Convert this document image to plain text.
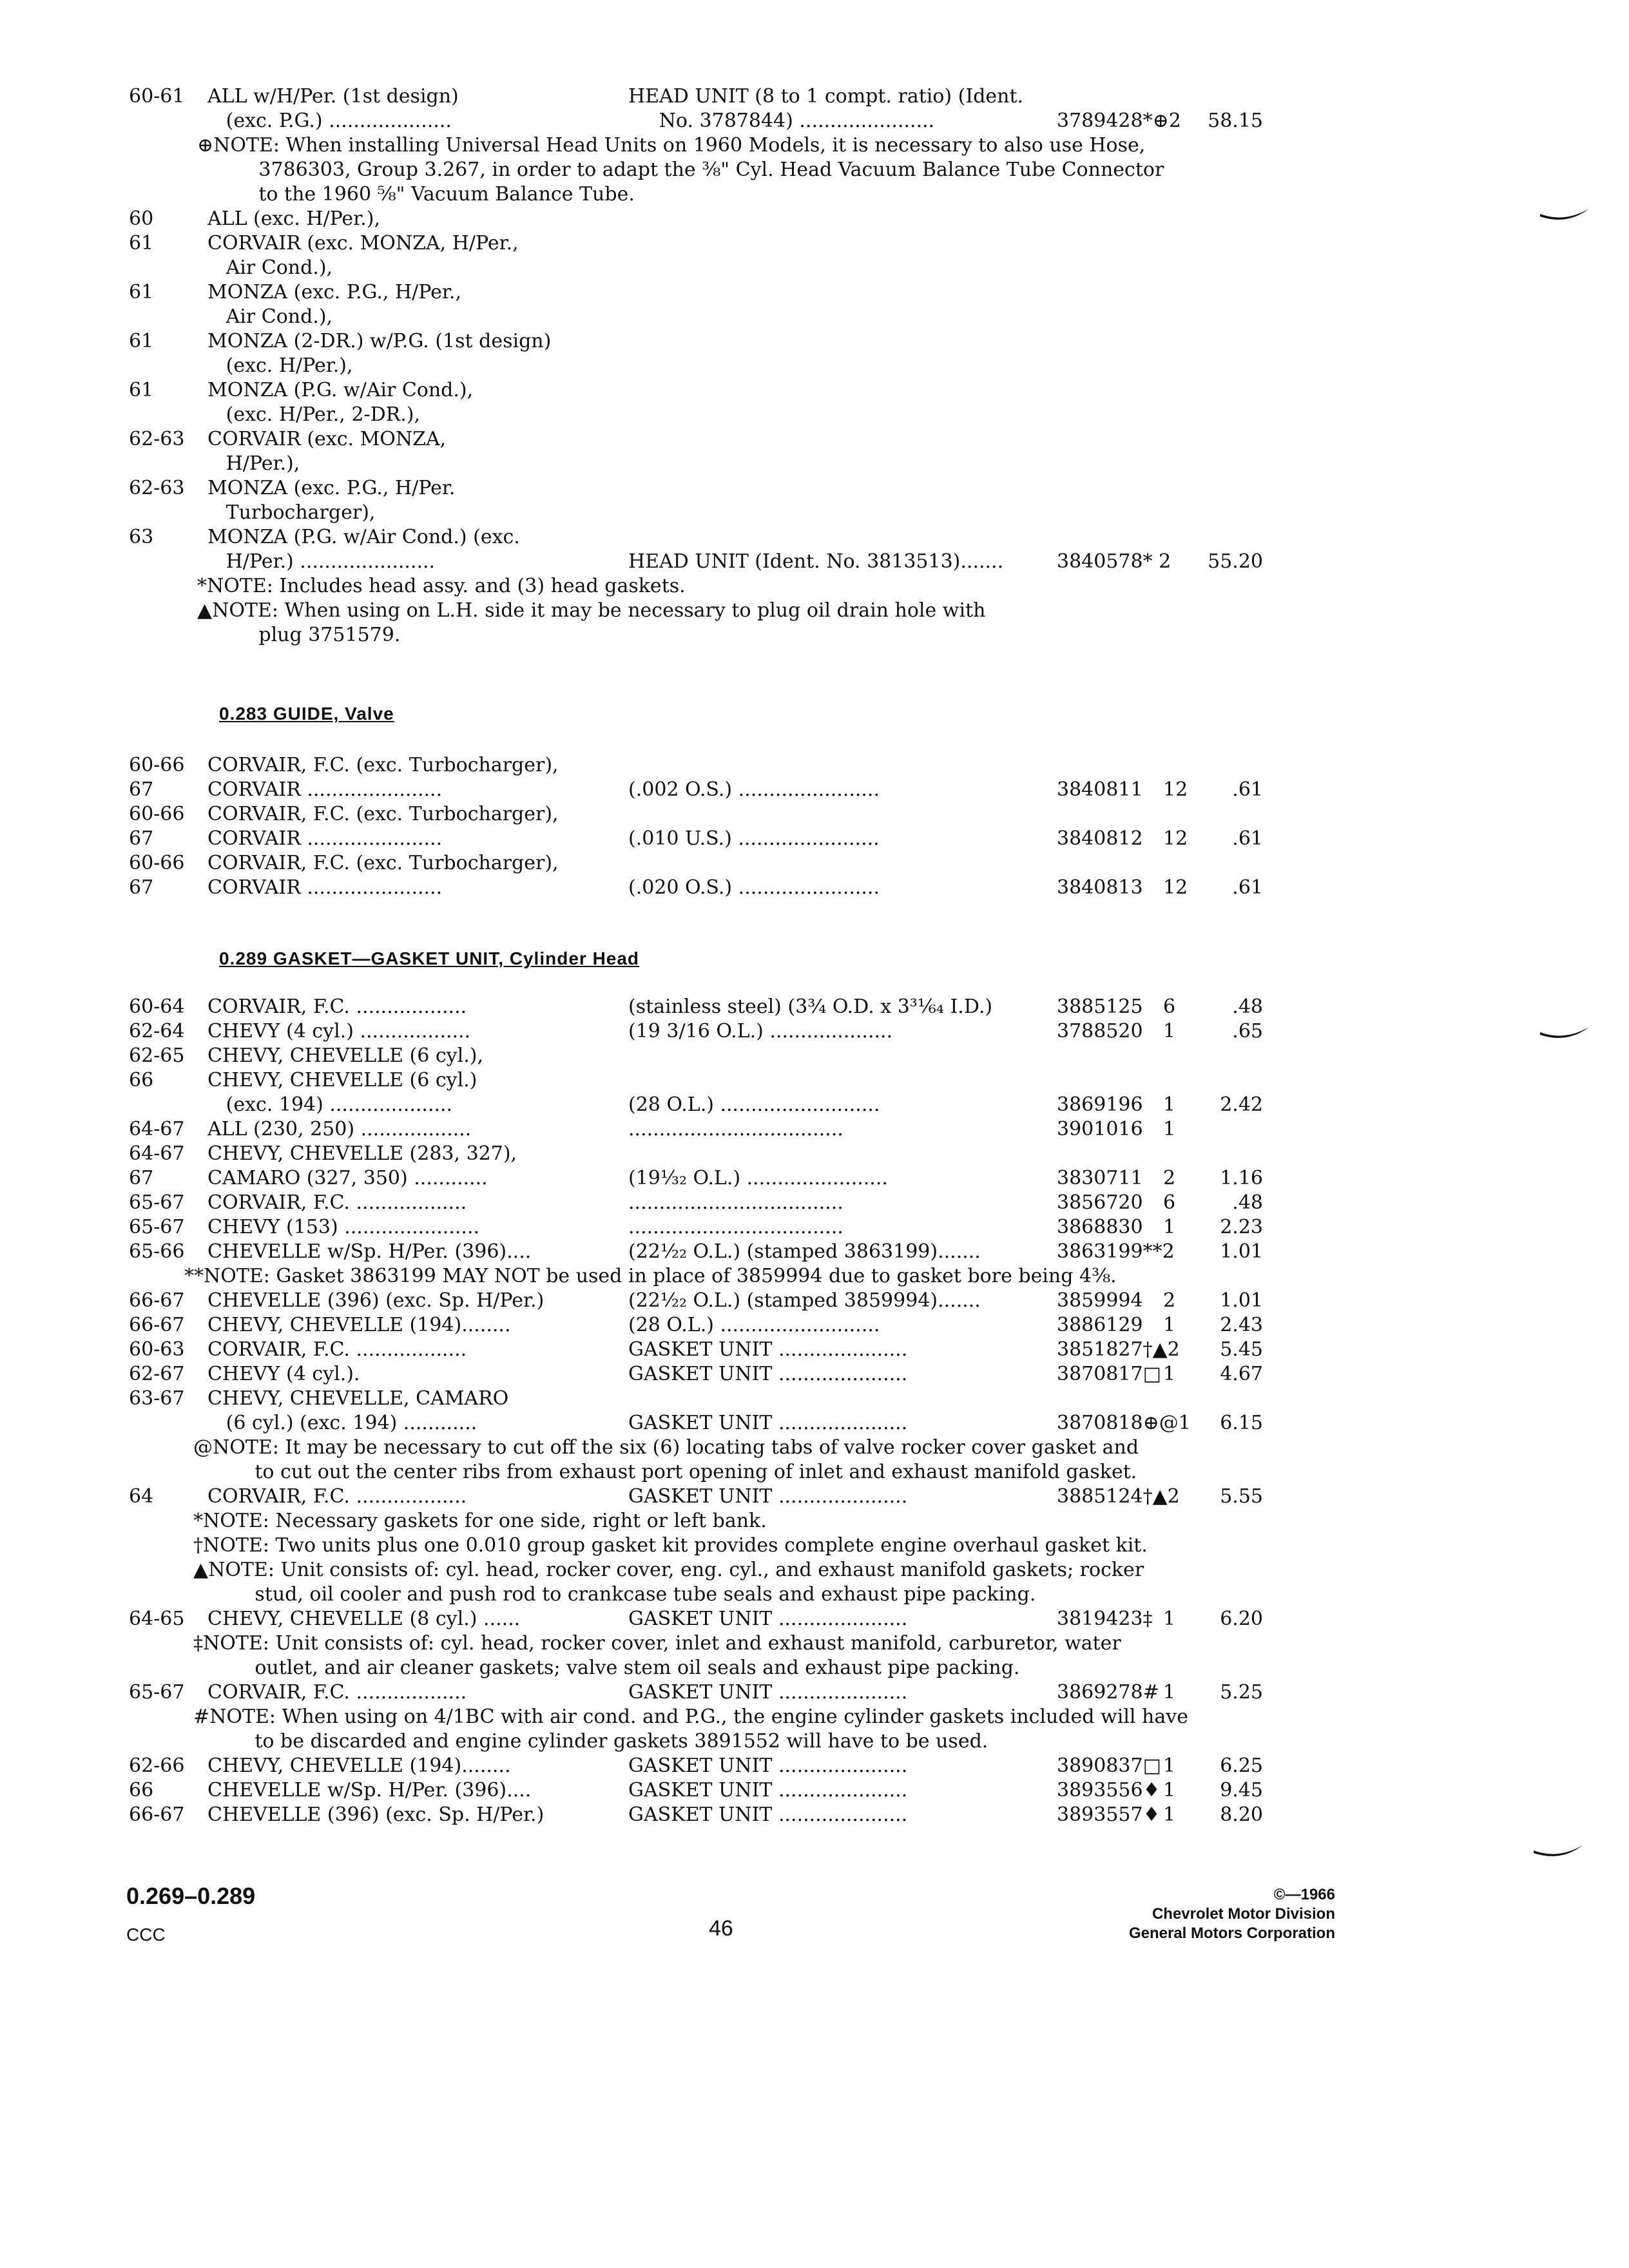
60-61 ALL w/H/Per. (1st design)	HEAD UNIT (8 to 1 compt. ratio) (Ident.
(exc. P.G.) ....................	No. 3787844) ......................	3789428*⊕2 58.15
⊕NOTE: When installing Universal Head Units on 1960 Models, it is necessary to also use Hose,
3786303, Group 3.267, in order to adapt the ⅜" Cyl. Head Vacuum Balance Tube Connector
to the 1960 ⅝" Vacuum Balance Tube.
60	ALL (exc. H/Per.),
61	CORVAIR (exc. MONZA, H/Per.,
Air Cond.),
61	MONZA (exc. P.G., H/Per.,
Air Cond.),
61	MONZA (2-DR.) w/P.G. (1st design)
(exc. H/Per.),
61	MONZA (P.G. w/Air Cond.),
(exc. H/Per., 2-DR.),
62-63 CORVAIR (exc. MONZA,
H/Per.),
62-63 MONZA (exc. P.G., H/Per.
Turbocharger),
63	MONZA (P.G. w/Air Cond.) (exc.
H/Per.) ......................	HEAD UNIT (Ident. No. 3813513).......	3840578* 2 55.20
*NOTE: Includes head assy. and (3) head gaskets.
▲NOTE: When using on L.H. side it may be necessary to plug oil drain hole with
plug 3751579.
0.283 GUIDE, Valve
60-66 CORVAIR, F.C. (exc. Turbocharger),
67	CORVAIR ......................	(.002 O.S.) .......................	3840811 12	.61
60-66 CORVAIR, F.C. (exc. Turbocharger),
67	CORVAIR ......................	(.010 U.S.) .......................	3840812 12	.61
60-66 CORVAIR, F.C. (exc. Turbocharger),
67	CORVAIR ......................	(.020 O.S.) .......................	3840813 12	.61
0.289 GASKET—GASKET UNIT, Cylinder Head
60-64 CORVAIR, F.C. ..................	(stainless steel) (3¾ O.D. x 3³¹⁄₆₄ I.D.)	3885125 6	.48
62-64 CHEVY (4 cyl.) ..................	(19 3/16 O.L.) ....................	3788520 1	.65
62-65 CHEVY, CHEVELLE (6 cyl.),
66	CHEVY, CHEVELLE (6 cyl.)
(exc. 194) ....................	(28 O.L.) ..........................	3869196 1	2.42
64-67 ALL (230, 250) ..................	...................................	3901016 1
64-67 CHEVY, CHEVELLE (283, 327),
67	CAMARO (327, 350) ............	(19⅓₂ O.L.) .......................	3830711 2	1.16
65-67 CORVAIR, F.C. ..................	...................................	3856720 6	.48
65-67 CHEVY (153) ......................	...................................	3868830 1	2.23
65-66 CHEVELLE w/Sp. H/Per. (396)....	(22½₂ O.L.) (stamped 3863199).......	3863199**2	1.01
**NOTE: Gasket 3863199 MAY NOT be used in place of 3859994 due to gasket bore being 4⅜.
66-67 CHEVELLE (396) (exc. Sp. H/Per.)	(22½₂ O.L.) (stamped 3859994).......	3859994 2	1.01
66-67 CHEVY, CHEVELLE (194)........	(28 O.L.) ..........................	3886129 1	2.43
60-63 CORVAIR, F.C. ..................	GASKET UNIT .....................	3851827†▲2	5.45
62-67 CHEVY (4 cyl.).	GASKET UNIT .....................	3870817□ 1	4.67
63-67 CHEVY, CHEVELLE, CAMARO
(6 cyl.) (exc. 194) ............	GASKET UNIT .....................	3870818⊕@1	6.15
@NOTE: It may be necessary to cut off the six (6) locating tabs of valve rocker cover gasket and
to cut out the center ribs from exhaust port opening of inlet and exhaust manifold gasket.
64	CORVAIR, F.C. ..................	GASKET UNIT .....................	3885124†▲2	5.55
*NOTE: Necessary gaskets for one side, right or left bank.
†NOTE: Two units plus one 0.010 group gasket kit provides complete engine overhaul gasket kit.
▲NOTE: Unit consists of: cyl. head, rocker cover, eng. cyl., and exhaust manifold gaskets; rocker
stud, oil cooler and push rod to crankcase tube seals and exhaust pipe packing.
64-65 CHEVY, CHEVELLE (8 cyl.) ......	GASKET UNIT .....................	3819423‡ 1	6.20
‡NOTE: Unit consists of: cyl. head, rocker cover, inlet and exhaust manifold, carburetor, water
outlet, and air cleaner gaskets; valve stem oil seals and exhaust pipe packing.
65-67 CORVAIR, F.C. ..................	GASKET UNIT .....................	3869278# 1	5.25
#NOTE: When using on 4/1BC with air cond. and P.G., the engine cylinder gaskets included will have
to be discarded and engine cylinder gaskets 3891552 will have to be used.
62-66 CHEVY, CHEVELLE (194)........	GASKET UNIT .....................	3890837□ 1	6.25
66	CHEVELLE w/Sp. H/Per. (396)....	GASKET UNIT .....................	3893556♦ 1	9.45
66-67 CHEVELLE (396) (exc. Sp. H/Per.)	GASKET UNIT .....................	3893557♦ 1	8.20
0.269–0.289
CCC	46
©—1966
Chevrolet Motor Division
General Motors Corporation
